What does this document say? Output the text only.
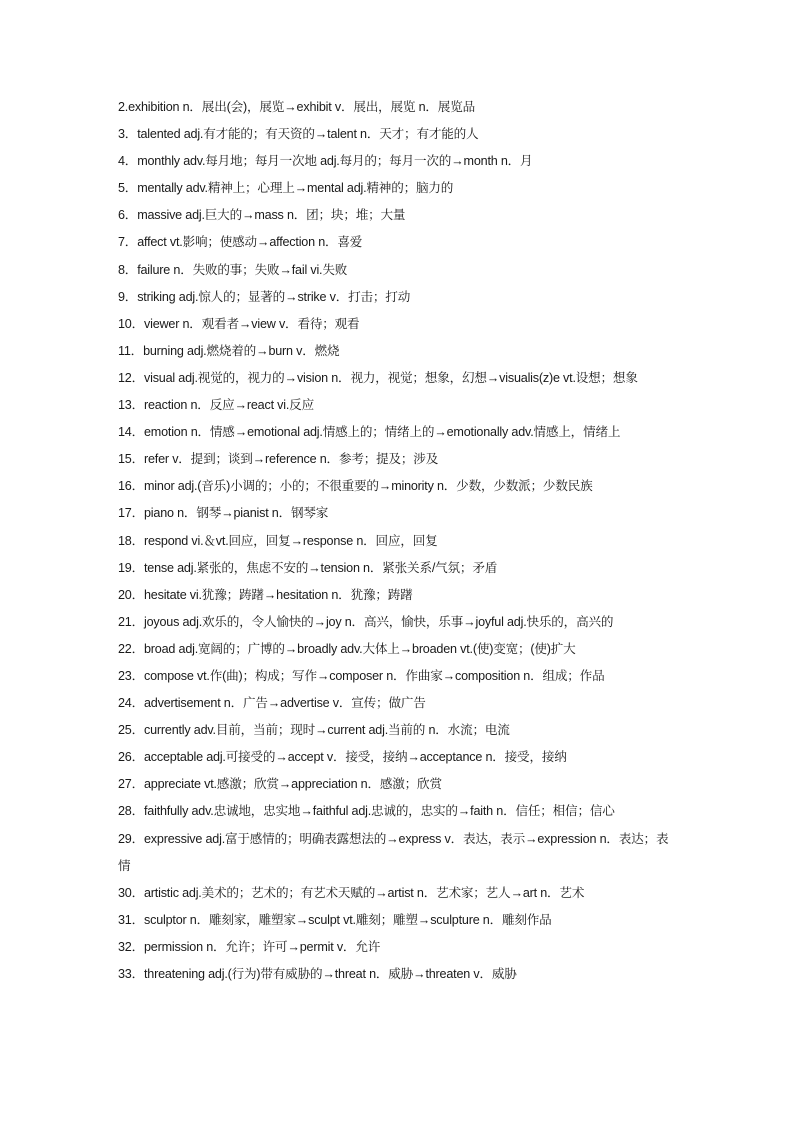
2.exhibition n．展出(会)，展览→exhibit v．展出，展览 n．展览品

3．talented adj.有才能的；有天资的→talent n．天才；有才能的人

4．monthly adv.每月地；每月一次地 adj.每月的；每月一次的→month n．月

5．mentally adv.精神上；心理上→mental adj.精神的；脑力的

6．massive adj.巨大的→mass n．团；块；堆；大量

7．affect vt.影响；使感动→affection n．喜爱

8．failure n．失败的事；失败→fail vi.失败

9．striking adj.惊人的；显著的→strike v．打击；打动

10．viewer n．观看者→view v．看待；观看

11．burning adj.燃烧着的→burn v．燃烧

12．visual adj.视觉的，视力的→vision n．视力，视觉；想象，幻想→visualis(z)e vt.设想；想象

13．reaction n．反应→react vi.反应

14．emotion n．情感→emotional adj.情感上的；情绪上的→emotionally adv.情感上，情绪上

15．refer v．提到；谈到→reference n．参考；提及；涉及

16．minor adj.(音乐)小调的；小的；不很重要的→minority n．少数，少数派；少数民族

17．piano n．钢琴→pianist n．钢琴家

18．respond vi.＆vt.回应，回复→response n．回应，回复

19．tense adj.紧张的，焦虑不安的→tension n．紧张关系/气氛；矛盾

20．hesitate vi.犹豫；踌躇→hesitation n．犹豫；踌躇

21．joyous adj.欢乐的，令人愉快的→joy n．高兴，愉快，乐事→joyful adj.快乐的，高兴的

22．broad adj.宽阔的；广博的→broadly adv.大体上→broaden vt.(使)变宽；(使)扩大

23．compose vt.作(曲)；构成；写作→composer n．作曲家→composition n．组成；作品

24．advertisement n．广告→advertise v．宣传；做广告

25．currently adv.目前，当前；现时→current adj.当前的 n．水流；电流

26．acceptable adj.可接受的→accept v．接受，接纳→acceptance n．接受，接纳

27．appreciate vt.感激；欣赏→appreciation n．感激；欣赏

28．faithfully adv.忠诚地，忠实地→faithful adj.忠诚的，忠实的→faith n．信任；相信；信心

29．expressive adj.富于感情的；明确表露想法的→express v．表达，表示→expression n．表达；表情

30．artistic adj.美术的；艺术的；有艺术天赋的→artist n．艺术家；艺人→art n．艺术

31．sculptor n．雕刻家，雕塑家→sculpt vt.雕刻；雕塑→sculpture n．雕刻作品

32．permission n．允许；许可→permit v．允许

33．threatening adj.(行为)带有威胁的→threat n．威胁→threaten v．威胁
